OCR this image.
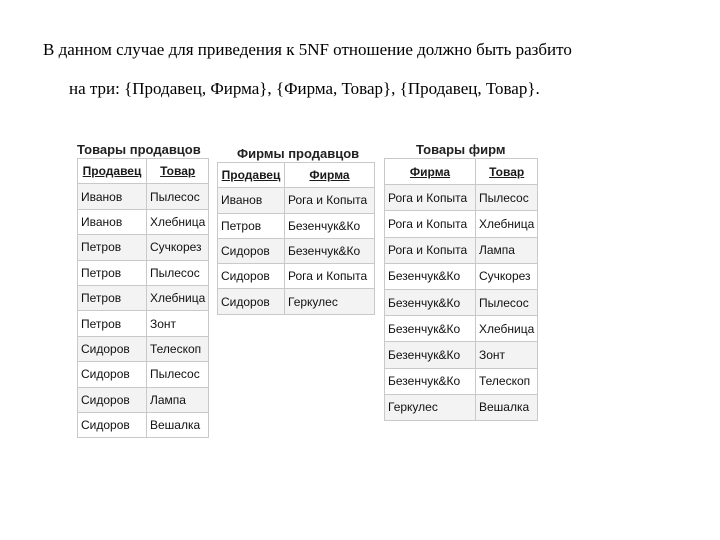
В данном случае для приведения к 5NF отношение должно быть разбито
на три: {Продавец, Фирма}, {Фирма, Товар}, {Продавец, Товар}.
Товары продавцов
Продавец	Товар
Иванов	Пылесос
Иванов	Хлебница
Петров	Сучкорез
Петров	Пылесос
Петров	Хлебница
Петров	Зонт
Сидоров	Телескоп
Сидоров	Пылесос
Сидоров	Лампа
Сидоров	Вешалка
Фирмы продавцов
Продавец	Фирма
Иванов	Рога и Копыта
Петров	Безенчук&Ко
Сидоров	Безенчук&Ко
Сидоров	Рога и Копыта
Сидоров	Геркулес
Товары фирм
Фирма	Товар
Рога и Копыта	Пылесос
Рога и Копыта	Хлебница
Рога и Копыта	Лампа
Безенчук&Ко	Сучкорез
Безенчук&Ко	Пылесос
Безенчук&Ко	Хлебница
Безенчук&Ко	Зонт
Безенчук&Ко	Телескоп
Геркулес	Вешалка
